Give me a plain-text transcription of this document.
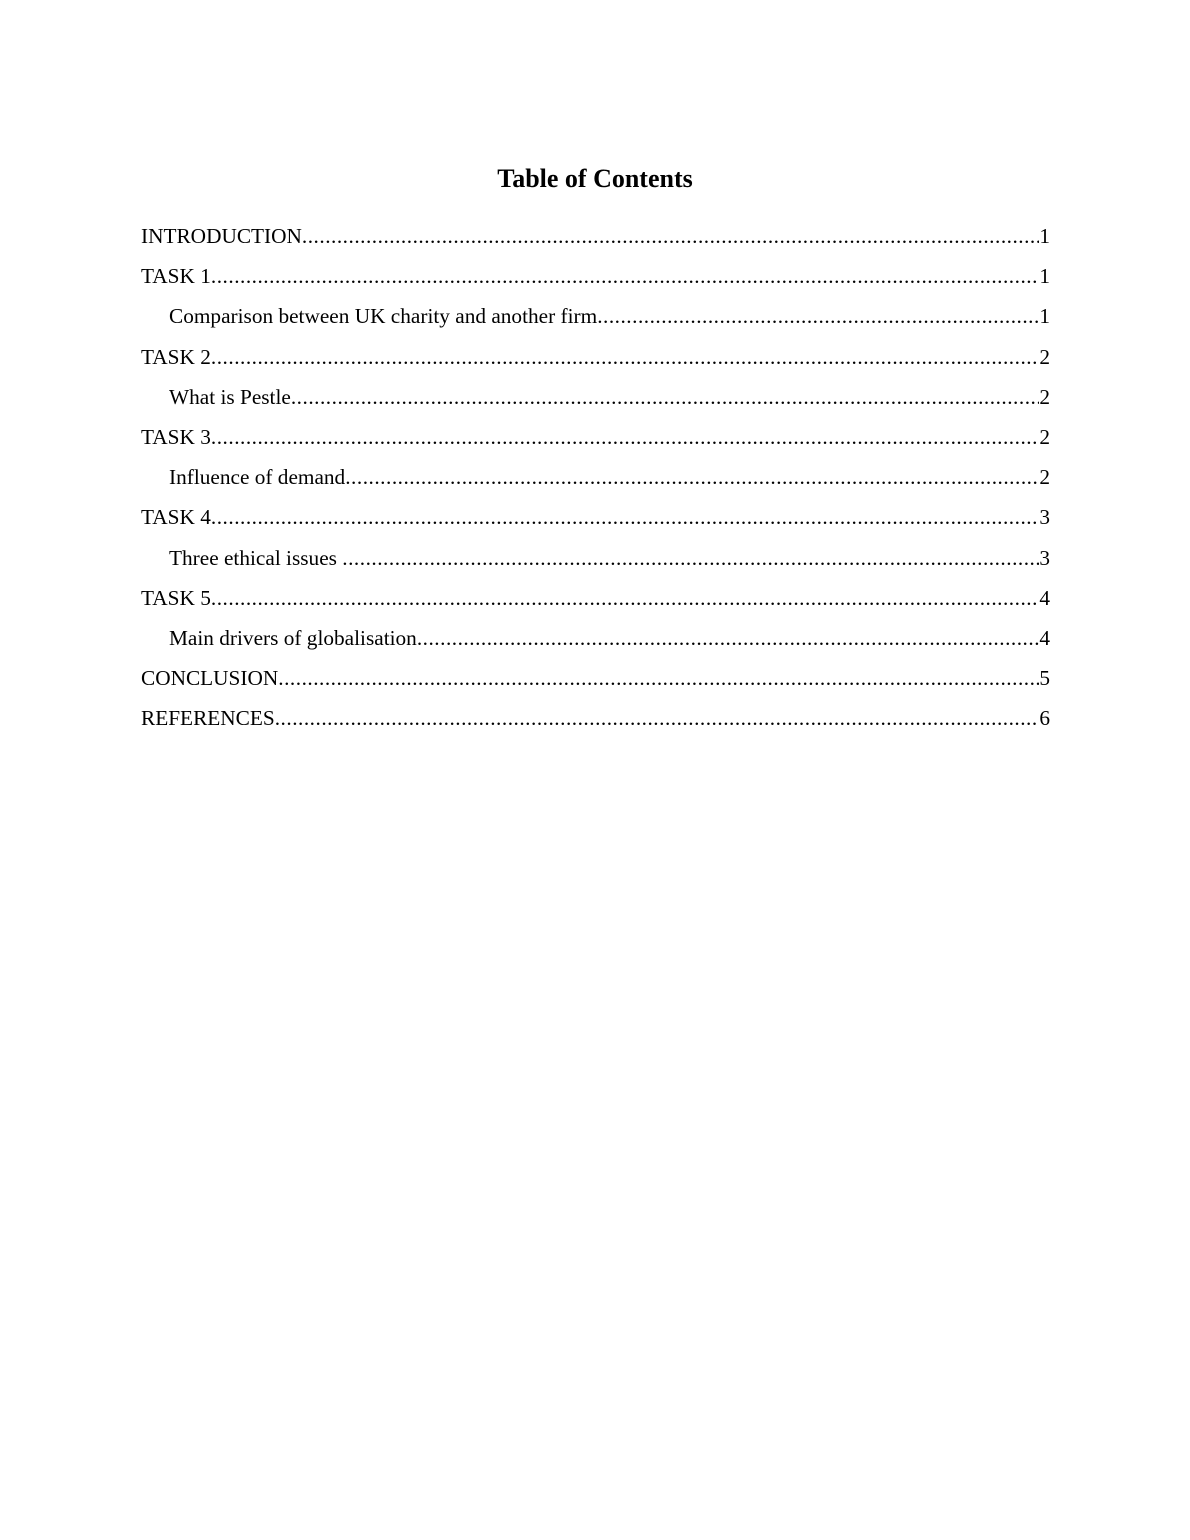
Table of Contents
INTRODUCTION .....	1
TASK 1 .....	1
Comparison between UK charity and another firm .....	1
TASK 2 .....	2
What is Pestle .....	2
TASK 3 .....	2
Influence of demand .....	2
TASK 4 .....	3
Three ethical issues .....	3
TASK 5 .....	4
Main drivers of globalisation .....	4
CONCLUSION .....	5
REFERENCES .....	6
